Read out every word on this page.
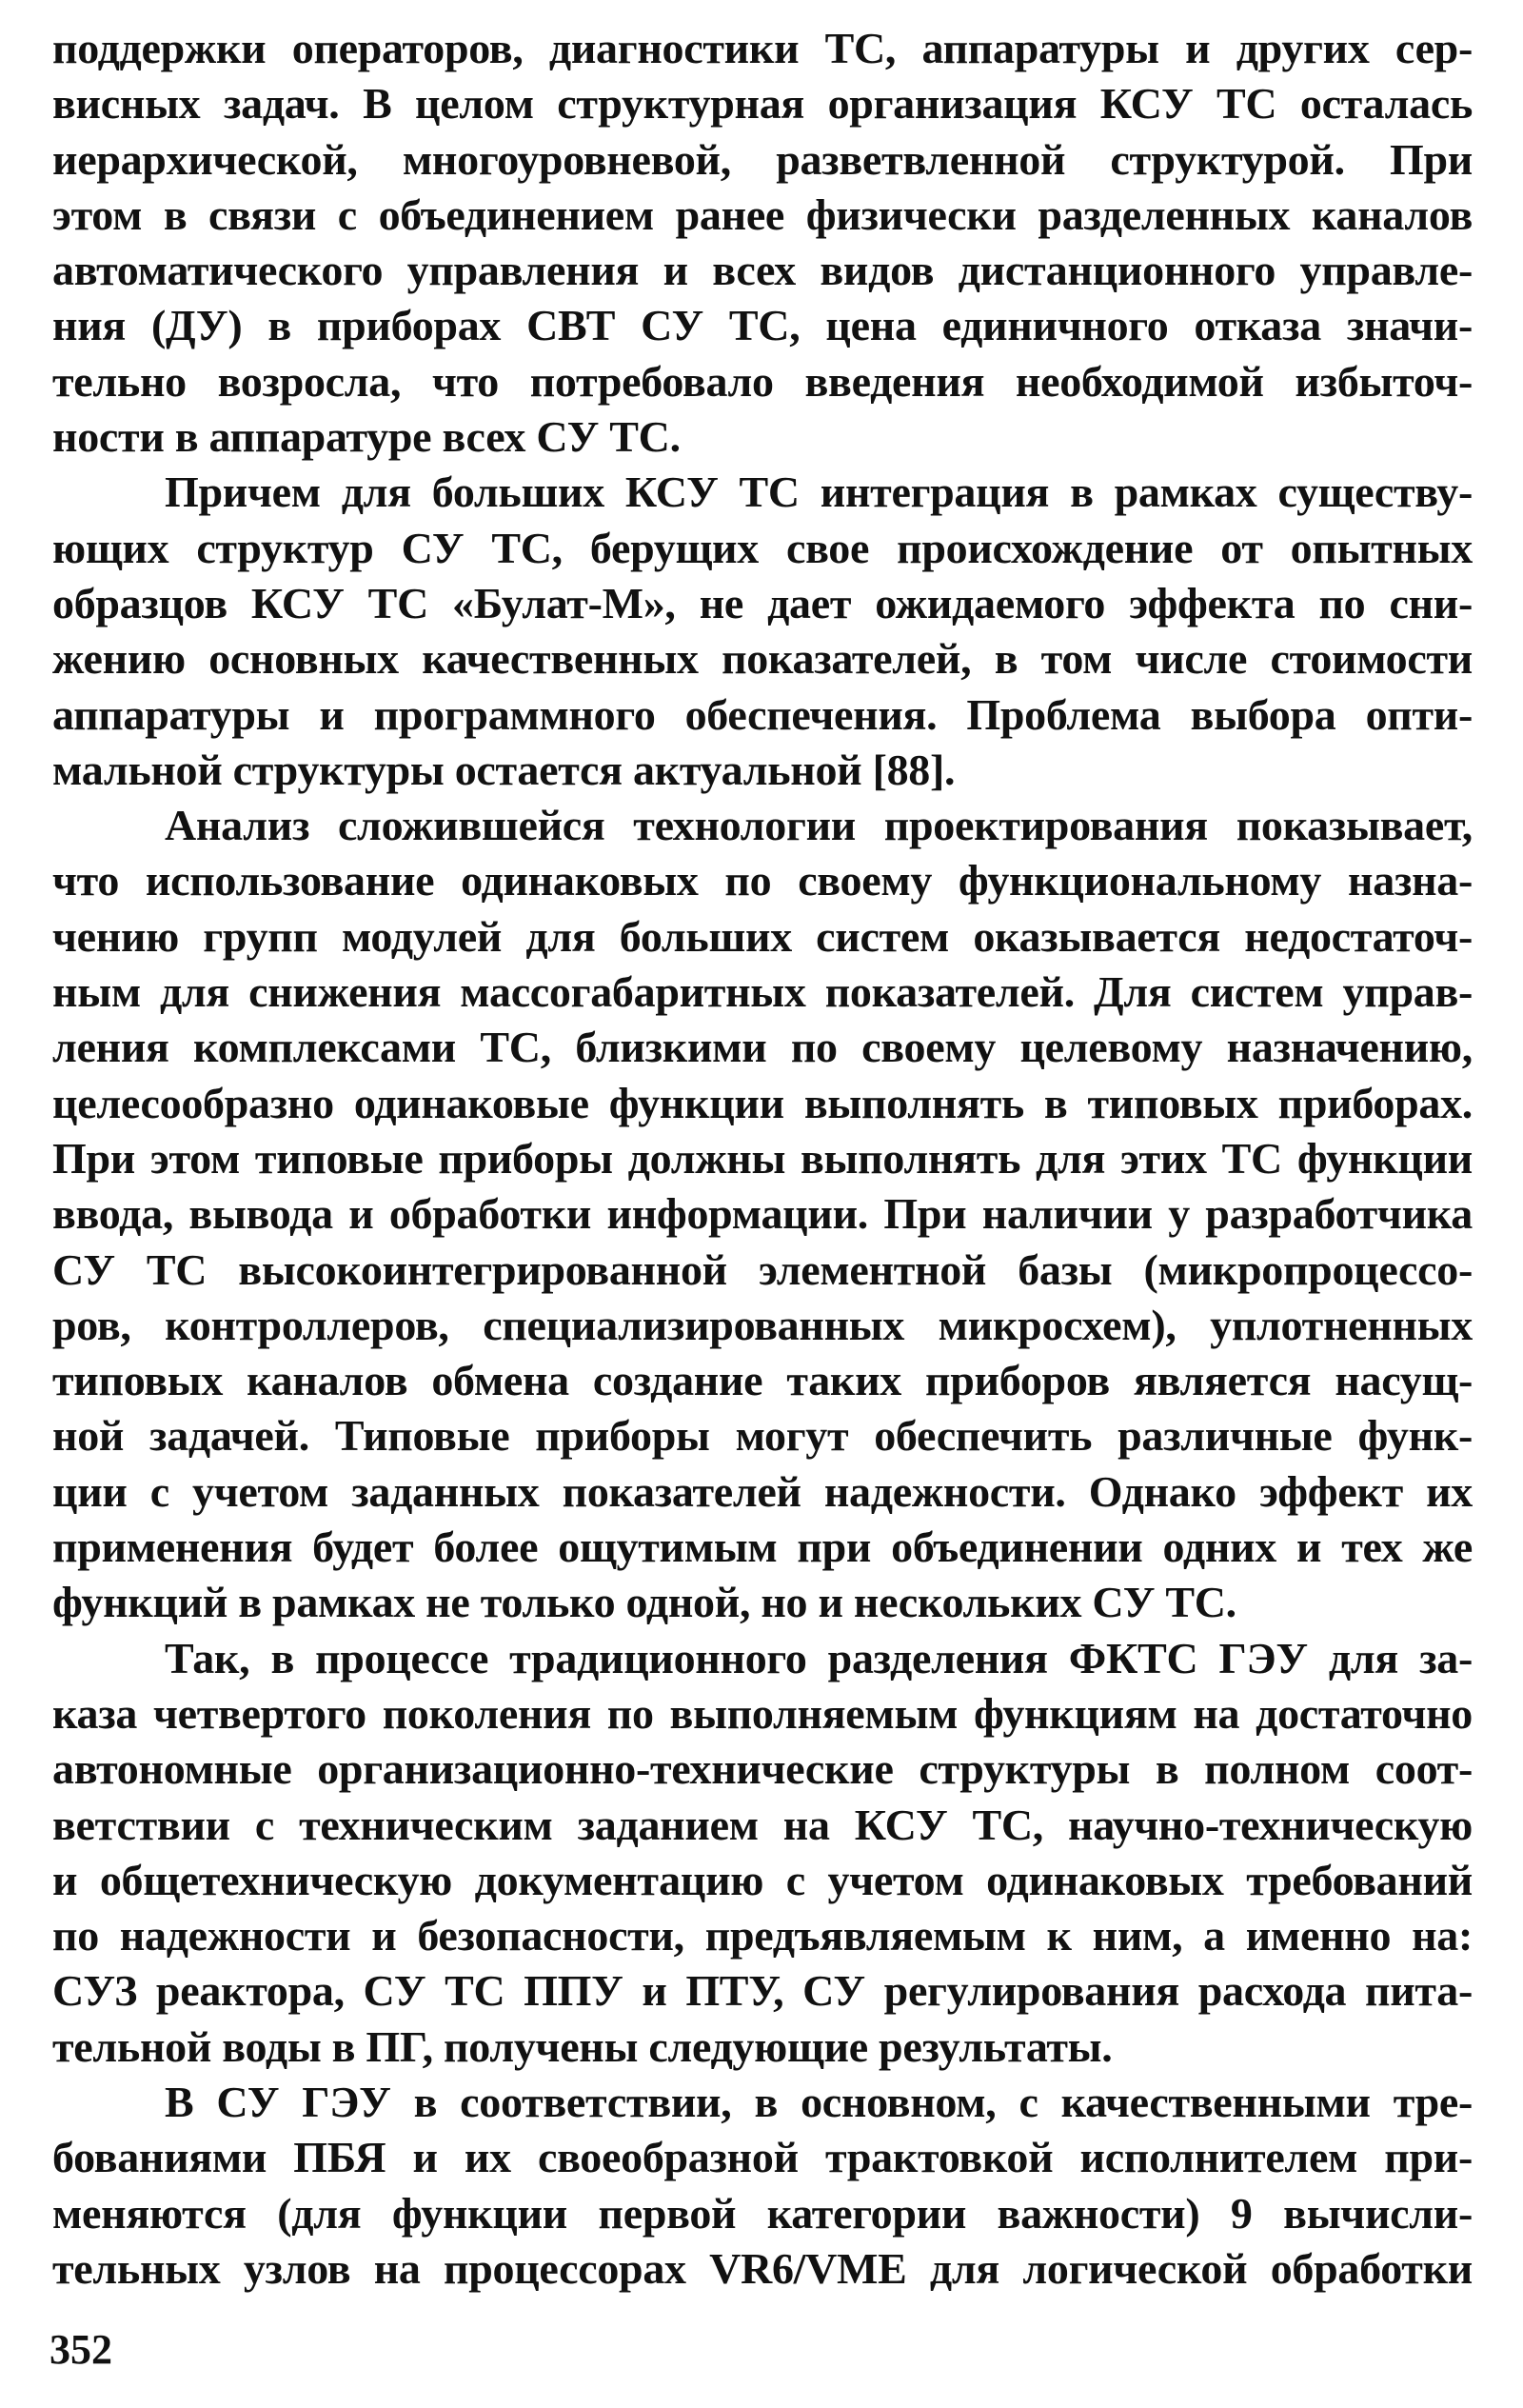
поддержки операторов, диагностики ТС, аппаратуры и других сер-
висных задач. В целом структурная организация КСУ ТС осталась
иерархической, многоуровневой, разветвленной структурой. При
этом в связи с объединением ранее физически разделенных каналов
автоматического управления и всех видов дистанционного управле-
ния (ДУ) в приборах СВТ СУ ТС, цена единичного отказа значи-
тельно возросла, что потребовало введения необходимой избыточ-
ности в аппаратуре всех СУ ТС.

Причем для больших КСУ ТС интеграция в рамках существу-
ющих структур СУ ТС, берущих свое происхождение от опытных
образцов КСУ ТС «Булат-М», не дает ожидаемого эффекта по сни-
жению основных качественных показателей, в том числе стоимости
аппаратуры и программного обеспечения. Проблема выбора опти-
мальной структуры остается актуальной [88].

Анализ сложившейся технологии проектирования показывает,
что использование одинаковых по своему функциональному назна-
чению групп модулей для больших систем оказывается недостаточ-
ным для снижения массогабаритных показателей. Для систем управ-
ления комплексами ТС, близкими по своему целевому назначению,
целесообразно одинаковые функции выполнять в типовых приборах.
При этом типовые приборы должны выполнять для этих ТС функции
ввода, вывода и обработки информации. При наличии у разработчика
СУ ТС высокоинтегрированной элементной базы (микропроцессо-
ров, контроллеров, специализированных микросхем), уплотненных
типовых каналов обмена создание таких приборов является насущ-
ной задачей. Типовые приборы могут обеспечить различные функ-
ции с учетом заданных показателей надежности. Однако эффект их
применения будет более ощутимым при объединении одних и тех же
функций в рамках не только одной, но и нескольких СУ ТС.

Так, в процессе традиционного разделения ФКТС ГЭУ для за-
каза четвертого поколения по выполняемым функциям на достаточно
автономные организационно-технические структуры в полном соот-
ветствии с техническим заданием на КСУ ТС, научно-техническую
и общетехническую документацию с учетом одинаковых требований
по надежности и безопасности, предъявляемым к ним, а именно на:
СУЗ реактора, СУ ТС ППУ и ПТУ, СУ регулирования расхода пита-
тельной воды в ПГ, получены следующие результаты.

В СУ ГЭУ в соответствии, в основном, с качественными тре-
бованиями ПБЯ и их своеобразной трактовкой исполнителем при-
меняются (для функции первой категории важности) 9 вычисли-
тельных узлов на процессорах VR6/VME для логической обработки

352
